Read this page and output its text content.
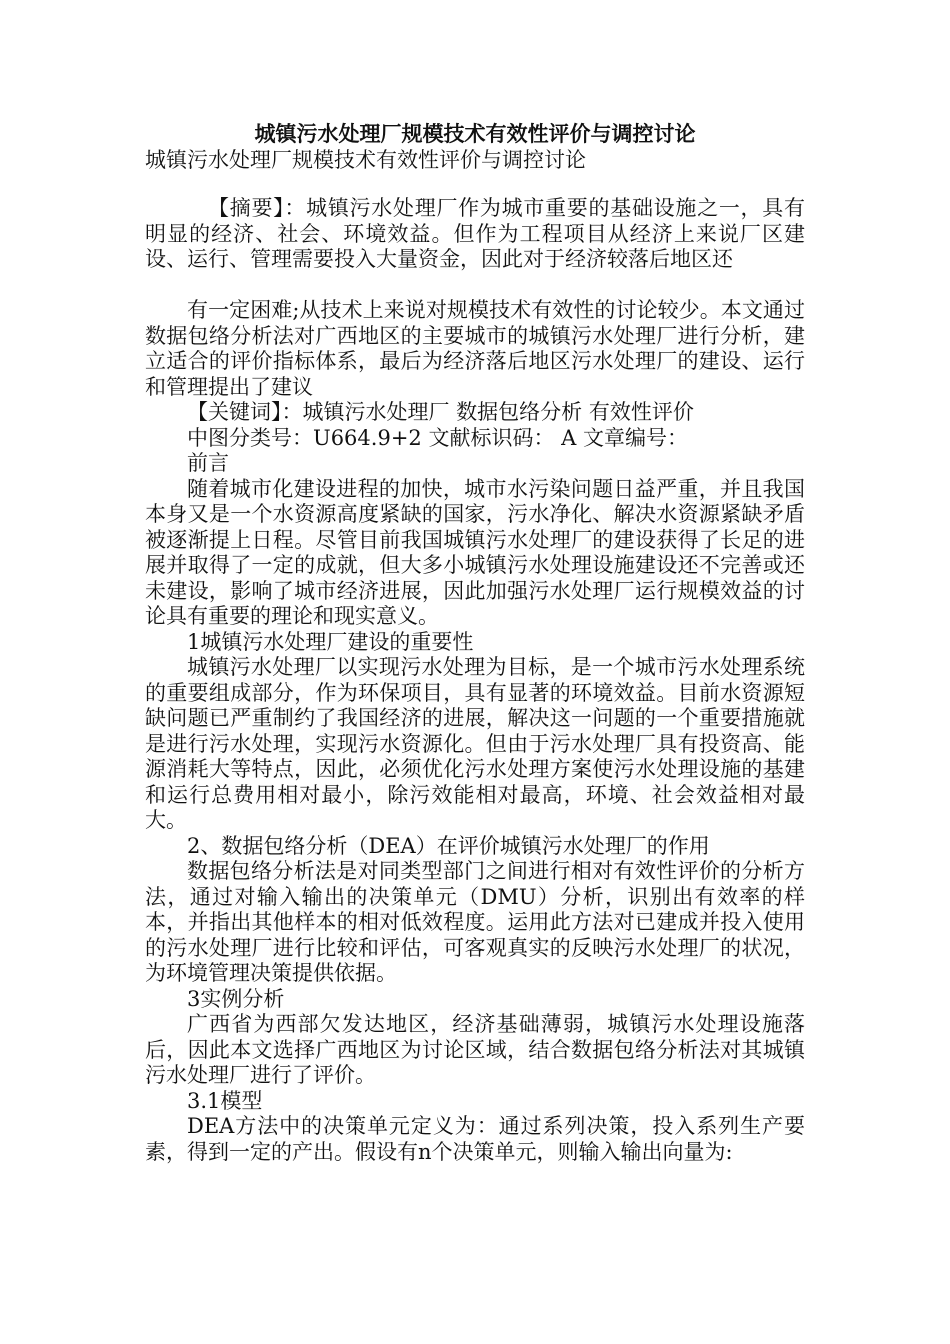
城镇污水处理厂规模技术有效性评价与调控讨论

城镇污水处理厂规模技术有效性评价与调控讨论

【摘要】：城镇污水处理厂作为城市重要的基础设施之一，具有明显的经济、社会、环境效益。但作为工程项目从经济上来说厂区建设、运行、管理需要投入大量资金，因此对于经济较落后地区还

有一定困难;从技术上来说对规模技术有效性的讨论较少。本文通过数据包络分析法对广西地区的主要城市的城镇污水处理厂进行分析，建立适合的评价指标体系，最后为经济落后地区污水处理厂的建设、运行和管理提出了建议

【关键词】：城镇污水处理厂 数据包络分析 有效性评价

中图分类号：U664.9+2 文献标识码： A 文章编号：

前言

随着城市化建设进程的加快，城市水污染问题日益严重，并且我国本身又是一个水资源高度紧缺的国家，污水净化、解决水资源紧缺矛盾被逐渐提上日程。尽管目前我国城镇污水处理厂的建设获得了长足的进展并取得了一定的成就，但大多小城镇污水处理设施建设还不完善或还未建设，影响了城市经济进展，因此加强污水处理厂运行规模效益的讨论具有重要的理论和现实意义。

1城镇污水处理厂建设的重要性

城镇污水处理厂以实现污水处理为目标，是一个城市污水处理系统的重要组成部分，作为环保项目，具有显著的环境效益。目前水资源短缺问题已严重制约了我国经济的进展，解决这一问题的一个重要措施就是进行污水处理，实现污水资源化。但由于污水处理厂具有投资高、能源消耗大等特点，因此，必须优化污水处理方案使污水处理设施的基建和运行总费用相对最小，除污效能相对最高，环境、社会效益相对最大。

2、数据包络分析（DEA）在评价城镇污水处理厂的作用

数据包络分析法是对同类型部门之间进行相对有效性评价的分析方法，通过对输入输出的决策单元（DMU）分析，识别出有效率的样本，并指出其他样本的相对低效程度。运用此方法对已建成并投入使用的污水处理厂进行比较和评估，可客观真实的反映污水处理厂的状况，为环境管理决策提供依据。

3实例分析

广西省为西部欠发达地区，经济基础薄弱，城镇污水处理设施落后，因此本文选择广西地区为讨论区域，结合数据包络分析法对其城镇污水处理厂进行了评价。

3.1模型

DEA方法中的决策单元定义为：通过系列决策，投入系列生产要素，得到一定的产出。假设有n个决策单元，则输入输出向量为:
